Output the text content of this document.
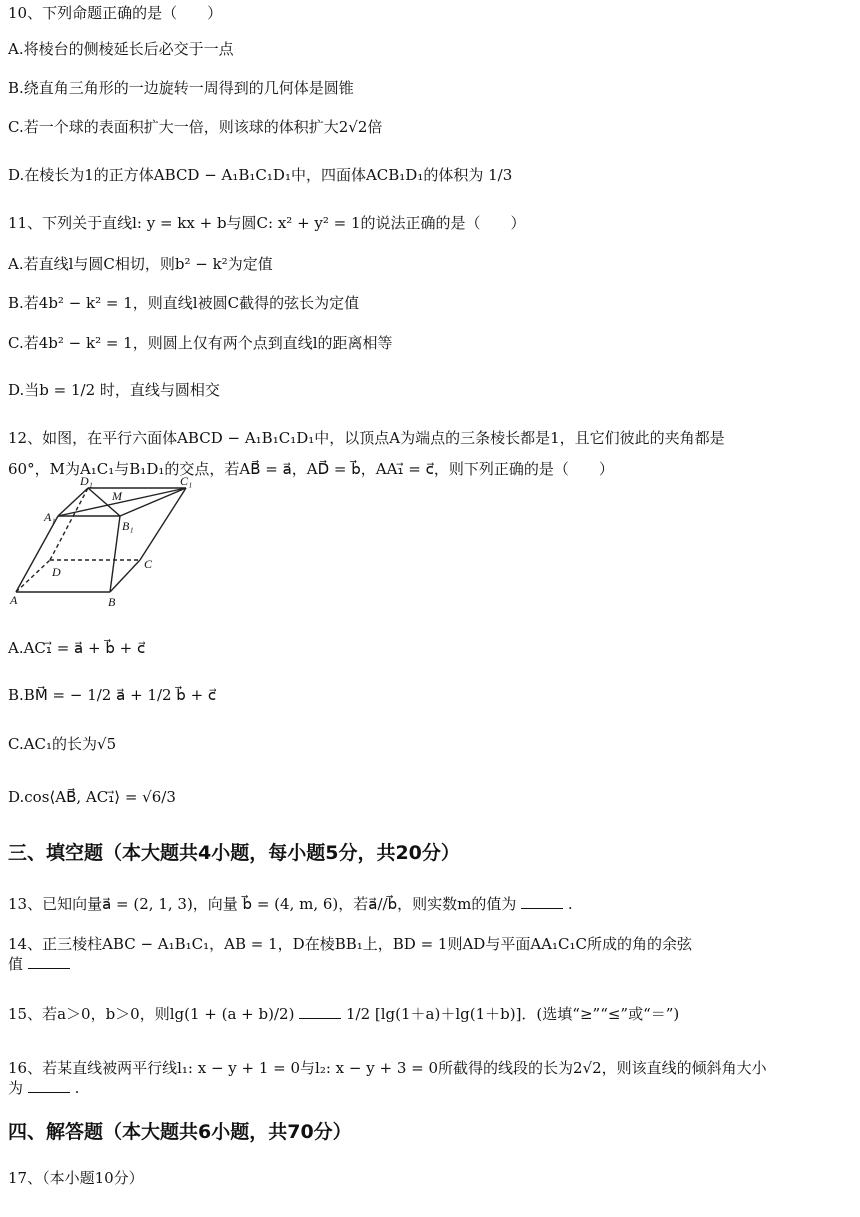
10、下列命题正确的是（　　）
A.将棱台的侧棱延长后必交于一点
B.绕直角三角形的一边旋转一周得到的几何体是圆锥
C.若一个球的表面积扩大一倍，则该球的体积扩大2√2倍
D.在棱长为1的正方体ABCD − A₁B₁C₁D₁中，四面体ACB₁D₁的体积为 1/3
11、下列关于直线l: y = kx + b与圆C: x² + y² = 1的说法正确的是（　　）
A.若直线l与圆C相切，则b² − k²为定值
B.若4b² − k² = 1，则直线l被圆C截得的弦长为定值
C.若4b² − k² = 1，则圆上仅有两个点到直线l的距离相等
D.当b = 1/2 时，直线与圆相交
12、如图，在平行六面体ABCD − A₁B₁C₁D₁中，以顶点A为端点的三条棱长都是1，且它们彼此的夹角都是
60°，M为A₁C₁与B₁D₁的交点，若AB⃗ = a⃗，AD⃗ = b⃗，AA₁⃗ = c⃗，则下列正确的是（　　）
D₁
M
C₁
A₁
B₁
D
C
A	B
A.AC₁⃗ = a⃗ + b⃗ + c⃗
B.BM⃗ = − 1/2 a⃗ + 1/2 b⃗ + c⃗
C.AC₁的长为√5
D.cos⟨AB⃗, AC₁⃗⟩ = √6/3
三、填空题（本大题共4小题，每小题5分，共20分）
13、已知向量a⃗ = (2, 1, 3)，向量 b⃗ = (4, m, 6)，若a⃗//b⃗，则实数m的值为	.
14、正三棱柱ABC − A₁B₁C₁，AB = 1，D在棱BB₁上，BD = 1则AD与平面AA₁C₁C所成的角的余弦
值
15、若a＞0，b＞0，则lg(1 + (a + b)/2)	1/2 [lg(1＋a)＋lg(1＋b)]．(选填“≥”“≤”或“＝”)
16、若某直线被两平行线l₁: x − y + 1 = 0与l₂: x − y + 3 = 0所截得的线段的长为2√2，则该直线的倾斜角大小
为	.
四、解答题（本大题共6小题，共70分）
17、（本小题10分）
